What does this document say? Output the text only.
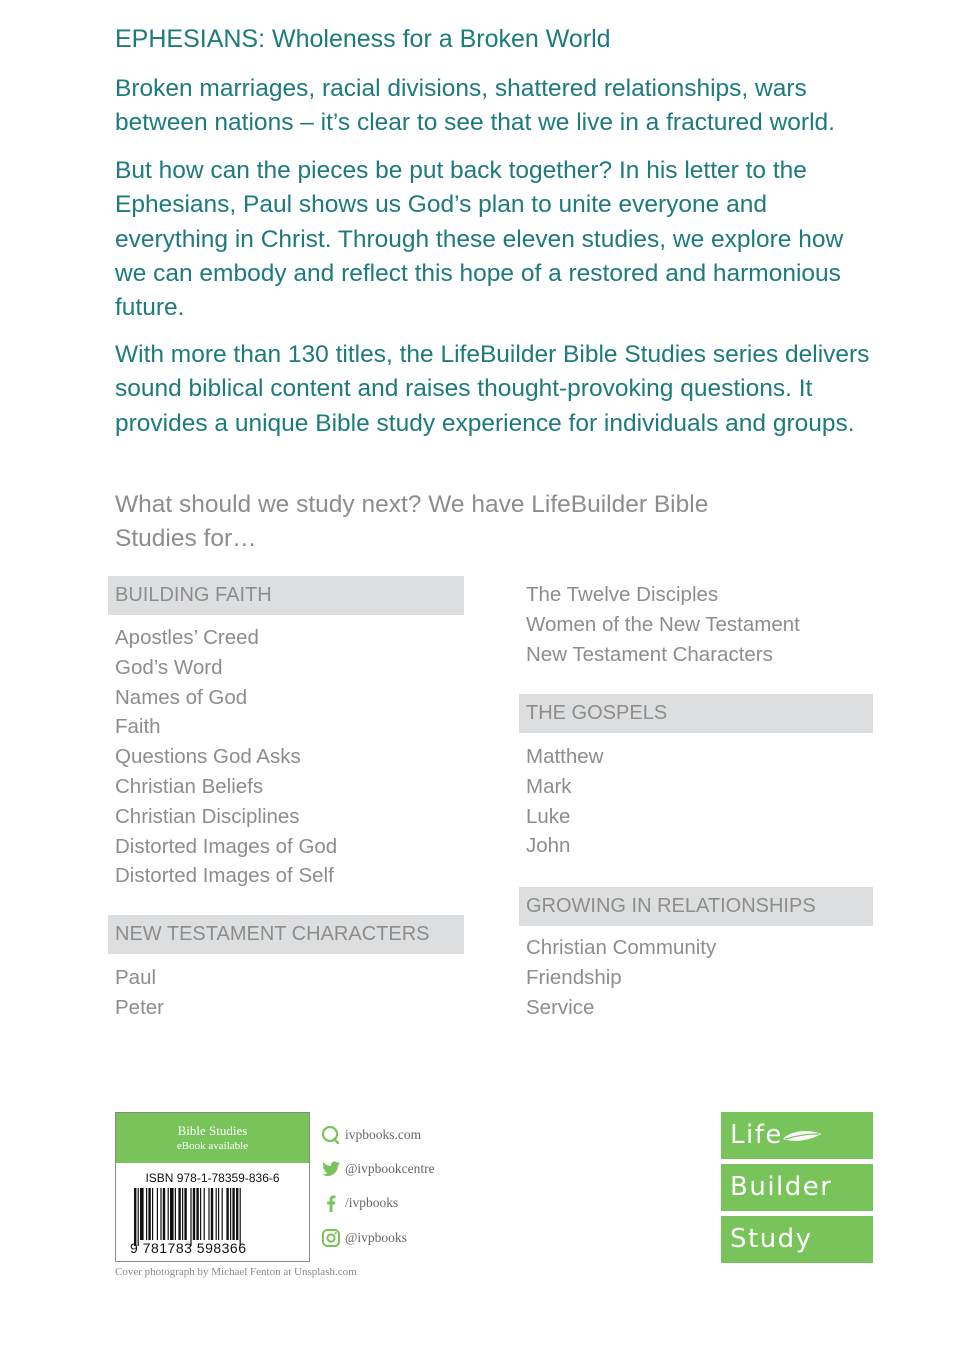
EPHESIANS: Wholeness for a Broken World

Broken marriages, racial divisions, shattered relationships, wars between nations – it’s clear to see that we live in a fractured world.

But how can the pieces be put back together? In his letter to the Ephesians, Paul shows us God’s plan to unite everyone and everything in Christ. Through these eleven studies, we explore how we can embody and reflect this hope of a restored and harmonious future.

With more than 130 titles, the LifeBuilder Bible Studies series delivers sound biblical content and raises thought-provoking questions. It provides a unique Bible study experience for individuals and groups.

What should we study next? We have LifeBuilder Bible Studies for…

BUILDING FAITH
Apostles’ Creed
God’s Word
Names of God
Faith
Questions God Asks
Christian Beliefs
Christian Disciplines
Distorted Images of God
Distorted Images of Self
NEW TESTAMENT CHARACTERS
Paul
Peter
The Twelve Disciples
Women of the New Testament
New Testament Characters
THE GOSPELS
Matthew
Mark
Luke
John
GROWING IN RELATIONSHIPS
Christian Community
Friendship
Service
Bible Studies
eBook available
ISBN 978-1-78359-836-6
9 781783 598366
ivpbooks.com
@ivpbookcentre
/ivpbooks
@ivpbooks
Cover photograph by Michael Fenton at Unsplash.com
Life
Builder
Study
